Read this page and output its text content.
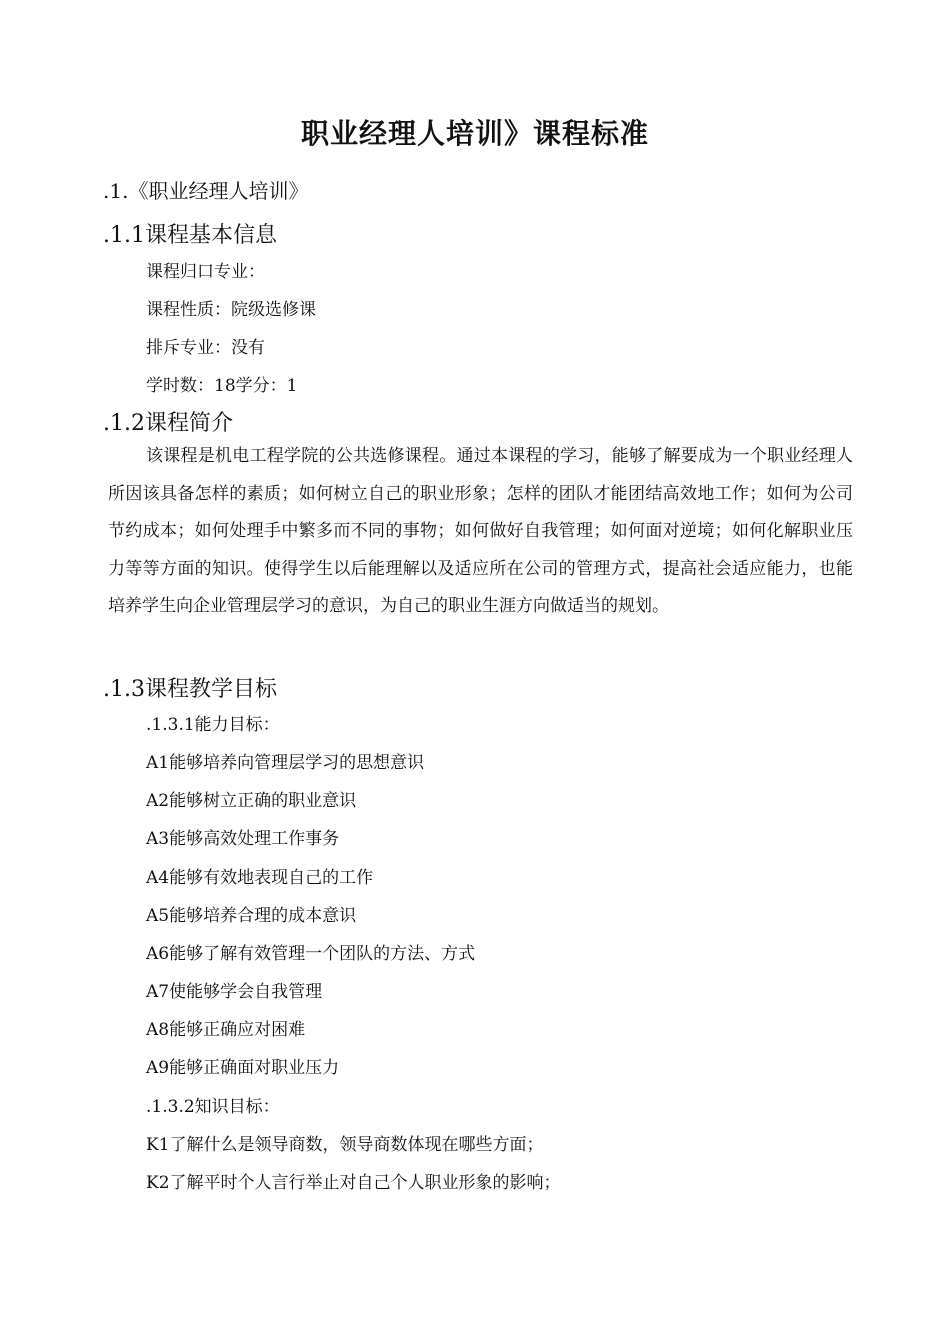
职业经理人培训》课程标准
.1.《职业经理人培训》
.1.1课程基本信息
课程归口专业：
课程性质：院级选修课
排斥专业：没有
学时数：18学分：1
.1.2课程简介
该课程是机电工程学院的公共选修课程。通过本课程的学习，能够了解要成为一个职业经理人所因该具备怎样的素质；如何树立自己的职业形象；怎样的团队才能团结高效地工作；如何为公司节约成本；如何处理手中繁多而不同的事物；如何做好自我管理；如何面对逆境；如何化解职业压力等等方面的知识。使得学生以后能理解以及适应所在公司的管理方式，提高社会适应能力，也能培养学生向企业管理层学习的意识，为自己的职业生涯方向做适当的规划。
.1.3课程教学目标
.1.3.1能力目标：
A1能够培养向管理层学习的思想意识
A2能够树立正确的职业意识
A3能够高效处理工作事务
A4能够有效地表现自己的工作
A5能够培养合理的成本意识
A6能够了解有效管理一个团队的方法、方式
A7使能够学会自我管理
A8能够正确应对困难
A9能够正确面对职业压力
.1.3.2知识目标：
K1了解什么是领导商数，领导商数体现在哪些方面；
K2了解平时个人言行举止对自己个人职业形象的影响；
